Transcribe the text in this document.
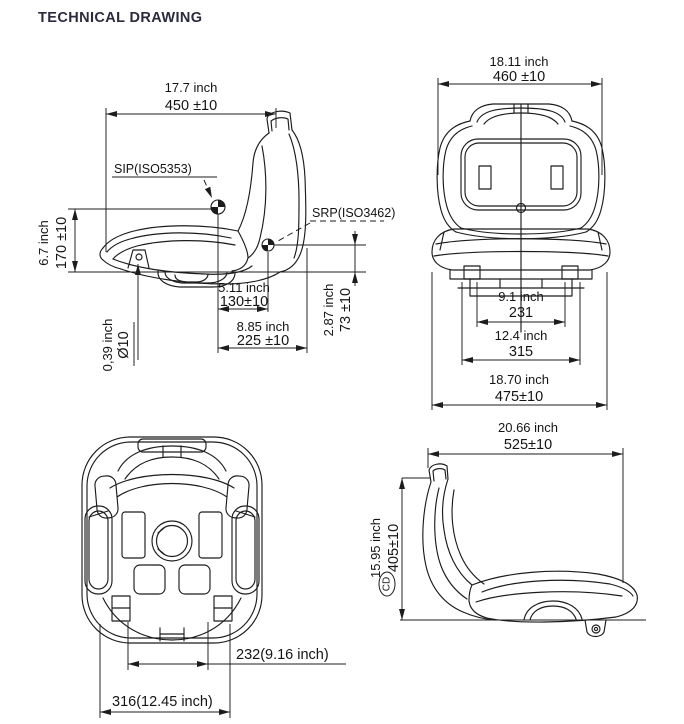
TECHNICAL DRAWING
17.7 inch
450 ±10
SIP(ISO5353)
SRP(ISO3462)
6.7 inch 170 ±10
5.11 inch
130±10
8.85 inch
225 ±10
2.87 inch 73 ±10
0,39 inch Ø10
18.11 inch
460 ±10
9.1 inch
231
12.4 inch
315
18.70 inch
475±10
232(9.16 inch)
316(12.45 inch)
CD
20.66 inch
525±10
15.95 inch 405±10
